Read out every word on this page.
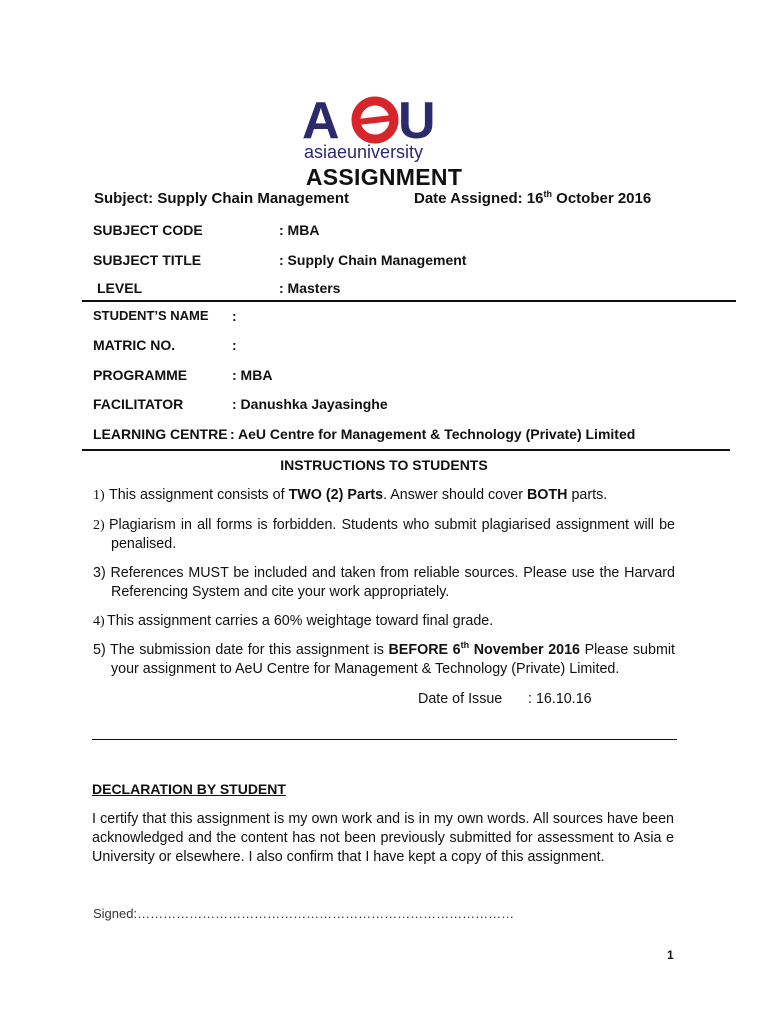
A U
asiaeuniversity
ASSIGNMENT
Subject: Supply Chain Management	Date Assigned: 16th October 2016
SUBJECT CODE	: MBA
SUBJECT TITLE	: Supply Chain Management
LEVEL	: Masters
STUDENT’S NAME :
MATRIC NO.	:
PROGRAMME	: MBA
FACILITATOR	: Danushka Jayasinghe
LEARNING CENTRE : AeU Centre for Management & Technology (Private) Limited
INSTRUCTIONS TO STUDENTS
1) This assignment consists of TWO (2) Parts. Answer should cover BOTH parts.
2) Plagiarism in all forms is forbidden. Students who submit plagiarised assignment will be
penalised.
3) References MUST be included and taken from reliable sources. Please use the Harvard
Referencing System and cite your work appropriately.
4) This assignment carries a 60% weightage toward final grade.
5) The submission date for this assignment is BEFORE 6th November 2016 Please submit
your assignment to AeU Centre for Management & Technology (Private) Limited.
Date of Issue : 16.10.16
DECLARATION BY STUDENT
I certify that this assignment is my own work and is in my own words. All sources have been
acknowledged and the content has not been previously submitted for assessment to Asia e
University or elsewhere. I also confirm that I have kept a copy of this assignment.
Signed:……………………………………………………………………………
1
